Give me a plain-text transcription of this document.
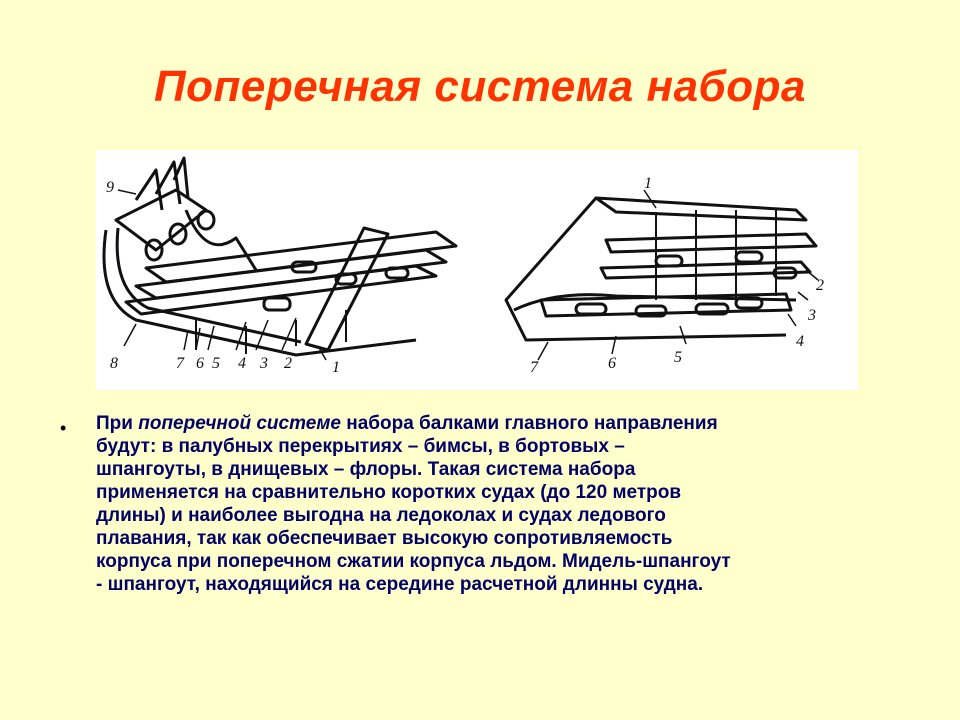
Поперечная система набора
9
8	7 6 5 4 3 2	1
1
2
3
4
5
6
7
• При поперечной системе набора балками главного направления
будут: в палубных перекрытиях – бимсы, в бортовых –
шпангоуты, в днищевых – флоры. Такая система набора
применяется на сравнительно коротких судах (до 120 метров
длины) и наиболее выгодна на ледоколах и судах ледового
плавания, так как обеспечивает высокую сопротивляемость
корпуса при поперечном сжатии корпуса льдом. Мидель-шпангоут
- шпангоут, находящийся на середине расчетной длинны судна.
